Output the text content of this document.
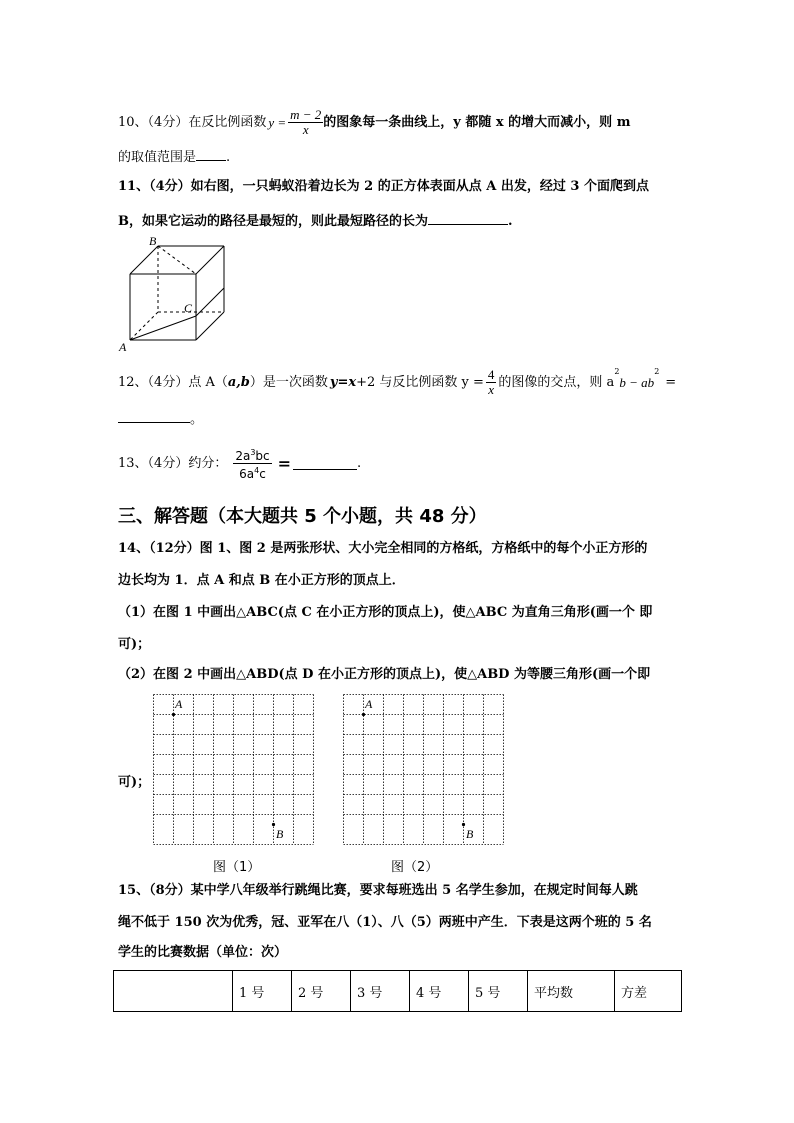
10、（4分）在反比例函数 $y = \frac{m - 2}{x}$ 的图象每一条曲线上，y 都随 x 的增大而减小，则 m
的取值范围是 .
11、（4分）如右图，一只蚂蚁沿着边长为 2 的正方体表面从点 A 出发，经过 3 个面爬到点
B，如果它运动的路径是最短的，则此最短路径的长为	.
B
C
A
12、（4分）点 A（ a,b ）是一次函数 y=x +2 与反比例函数 $y = \frac{4}{x}$ 的图像的交点，则 a
2
b − ab
2
=
。
13、（4分）约分： $\frac{2a^3bc}{6a^4c}$ =	.
三、解答题（本大题共 5 个小题，共 48 分）
14、（12分）图 1、图 2 是两张形状、大小完全相同的方格纸，方格纸中的每个小正方形的
边长均为 1．点 A 和点 B 在小正方形的顶点上．
（1）在图 1 中画出△ABC(点 C 在小正方形的顶点上)，使△ABC 为直角三角形(画一个 即
可)；
（2）在图 2 中画出△ABD(点 D 在小正方形的顶点上)，使△ABD 为等腰三角形(画一个即
可)；
A
B
图（1）
A
B
图（2）
15、（8分）某中学八年级举行跳绳比赛，要求每班选出 5 名学生参加，在规定时间每人跳
绳不低于 150 次为优秀，冠、亚军在八（1）、八（5）两班中产生．下表是这两个班的 5 名
学生的比赛数据（单位：次）
	1 号	2 号	3 号	4 号	5 号	平均数	方差
